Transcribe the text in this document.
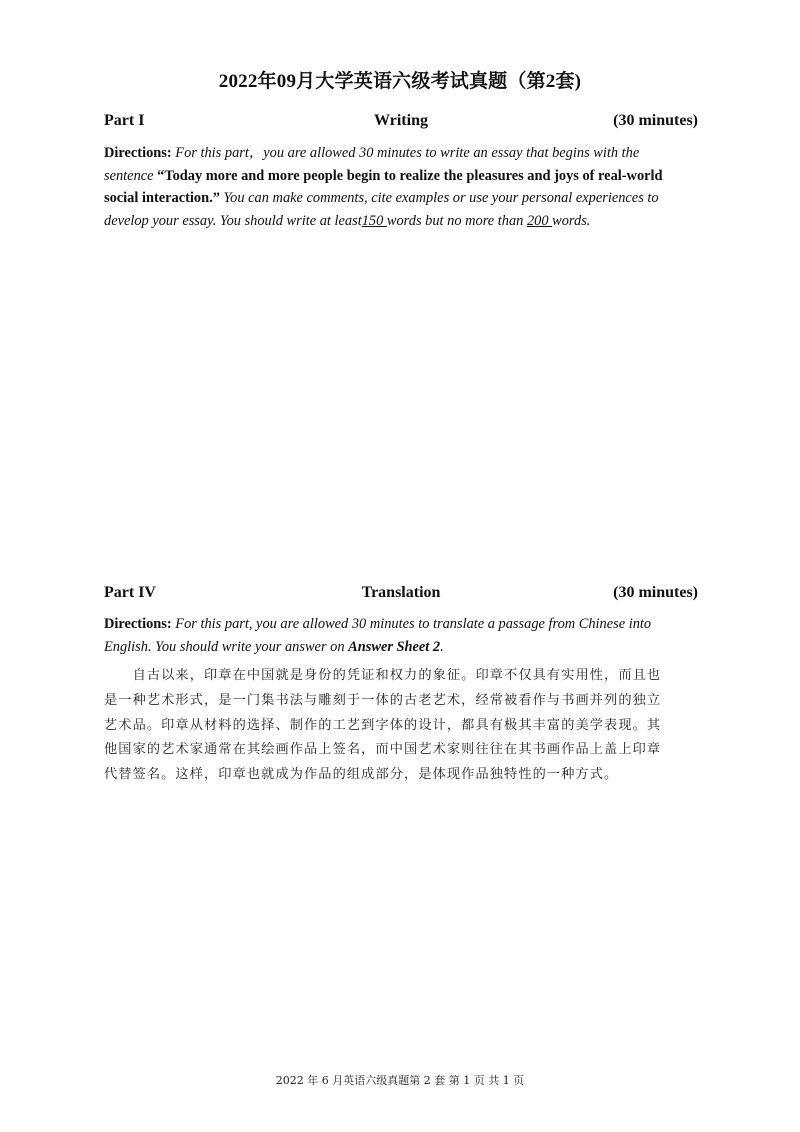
2022年09月大学英语六级考试真题（第2套)
Part I	Writing	(30 minutes)
Directions: For this part，you are allowed 30 minutes to write an essay that begins with the
sentence “Today more and more people begin to realize the pleasures and joys of real-world
social interaction.” You can make comments, cite examples or use your personal experiences to
develop your essay. You should write at least150 words but no more than 200 words.
Part IV	Translation	(30 minutes)
Directions: For this part, you are allowed 30 minutes to translate a passage from Chinese into
English. You should write your answer on Answer Sheet 2.
　　自古以来，印章在中国就是身份的凭证和权力的象征。印章不仅具有实用性，而且也
是一种艺术形式，是一门集书法与雕刻于一体的古老艺术，经常被看作与书画并列的独立
艺术品。印章从材料的选择、制作的工艺到字体的设计，都具有极其丰富的美学表现。其
他国家的艺术家通常在其绘画作品上签名，而中国艺术家则往往在其书画作品上盖上印章
代替签名。这样，印章也就成为作品的组成部分，是体现作品独特性的一种方式。
2022 年 6 月英语六级真题第 2 套 第 1 页 共 1 页
